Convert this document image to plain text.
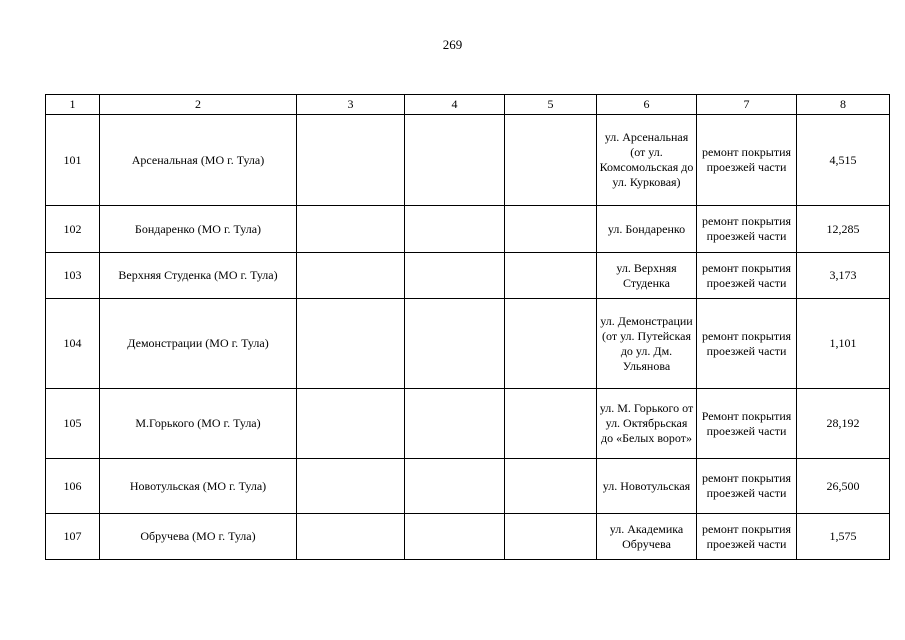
269
1	2	3	4	5	6	7	8
101	Арсенальная (МО г. Тула)				ул. Арсенальная (от ул. Комсомольская до ул. Курковая)	ремонт покрытия проезжей части	4,515
102	Бондаренко (МО г. Тула)				ул. Бондаренко	ремонт покрытия проезжей части	12,285
103	Верхняя Студенка (МО г. Тула)				ул. Верхняя Студенка	ремонт покрытия проезжей части	3,173
104	Демонстрации (МО г. Тула)				ул. Демонстрации (от ул. Путейская до ул. Дм. Ульянова	ремонт покрытия проезжей части	1,101
105	М.Горького (МО г. Тула)				ул. М. Горького от ул. Октябрьская до «Белых ворот»	Ремонт покрытия проезжей части	28,192
106	Новотульская (МО г. Тула)				ул. Новотульская	ремонт покрытия проезжей части	26,500
107	Обручева (МО г. Тула)				ул. Академика Обручева	ремонт покрытия проезжей части	1,575
